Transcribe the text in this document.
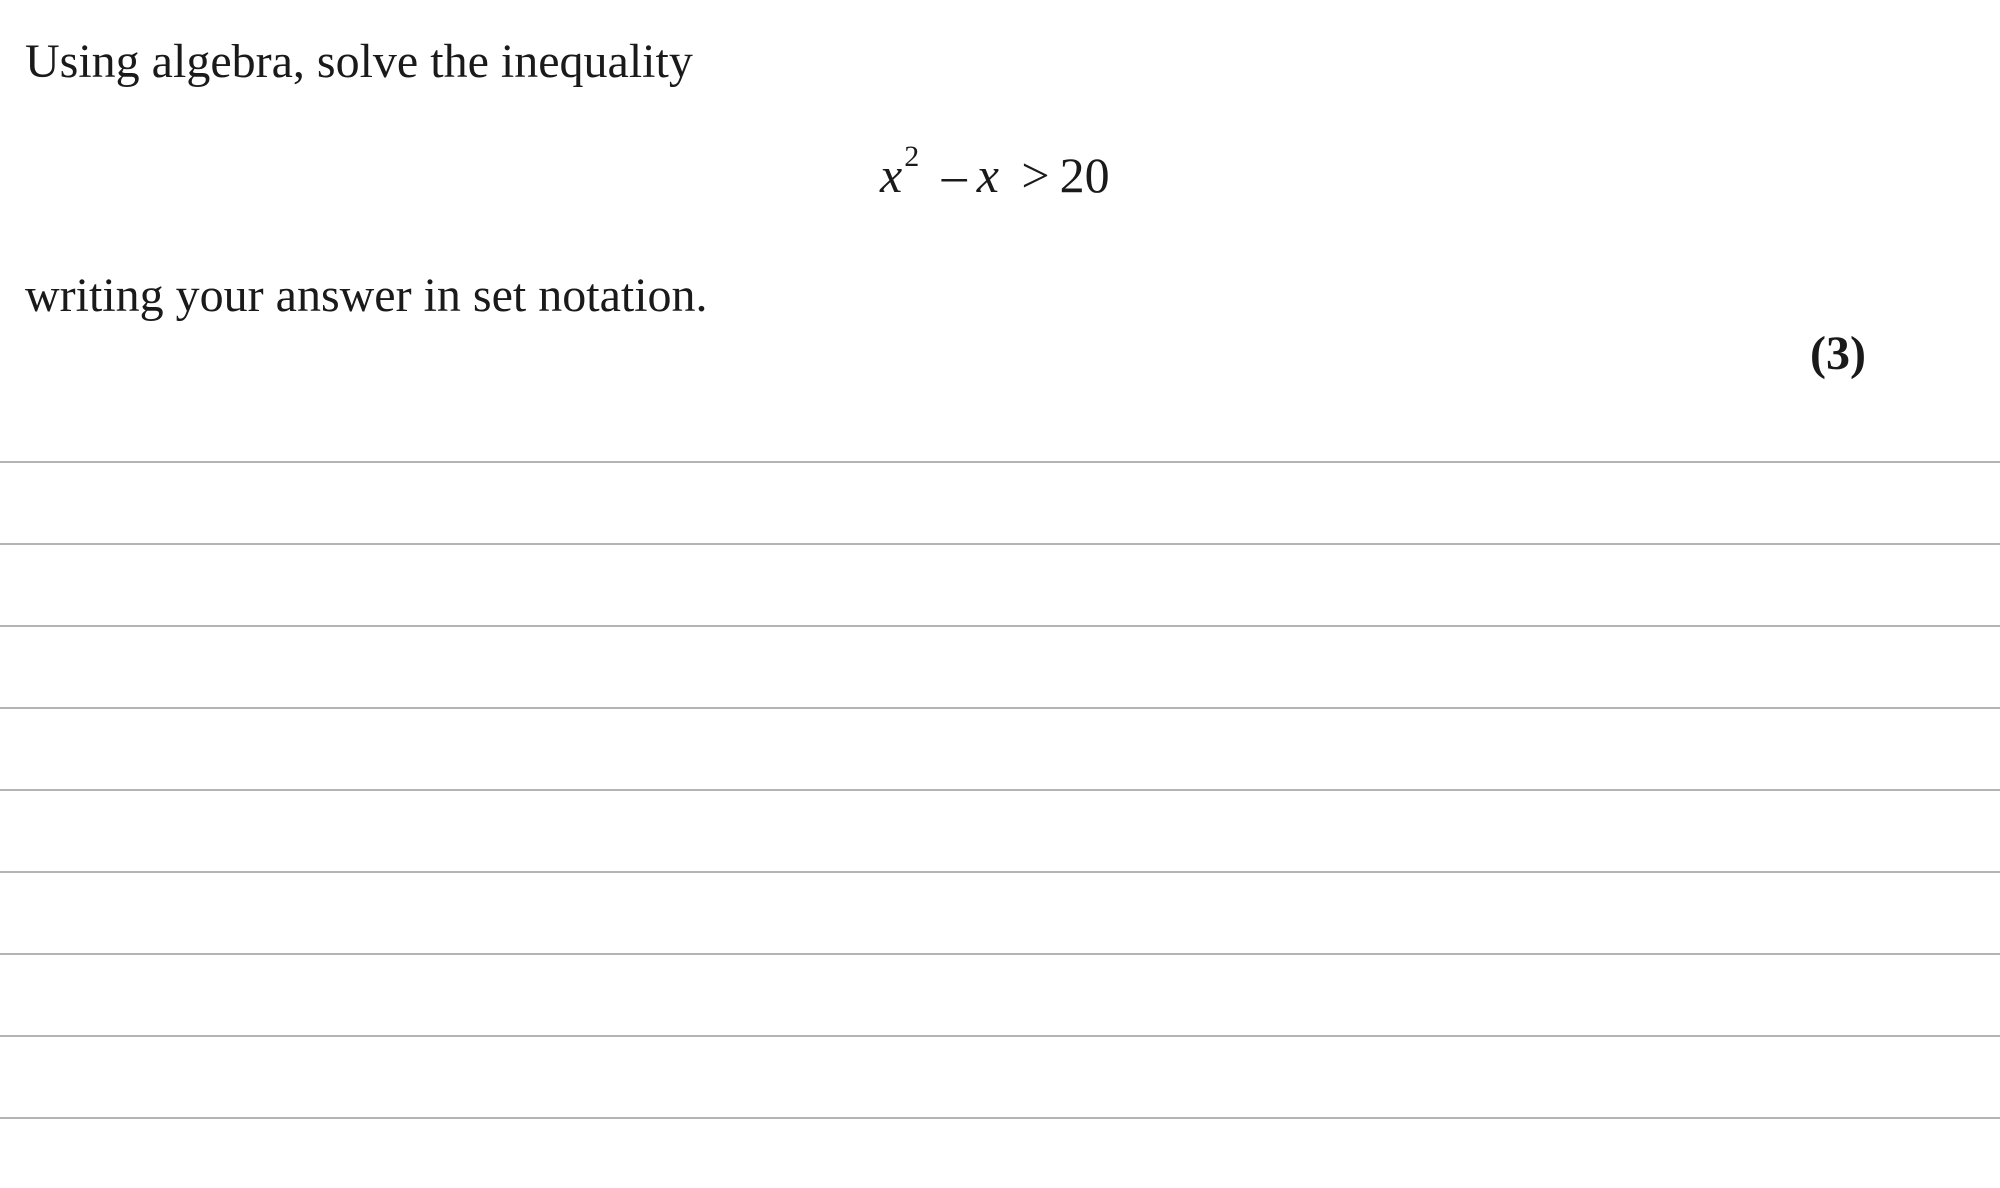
Using algebra, solve the inequality
$x^2 - x > 20$
writing your answer in set notation.
(3)
